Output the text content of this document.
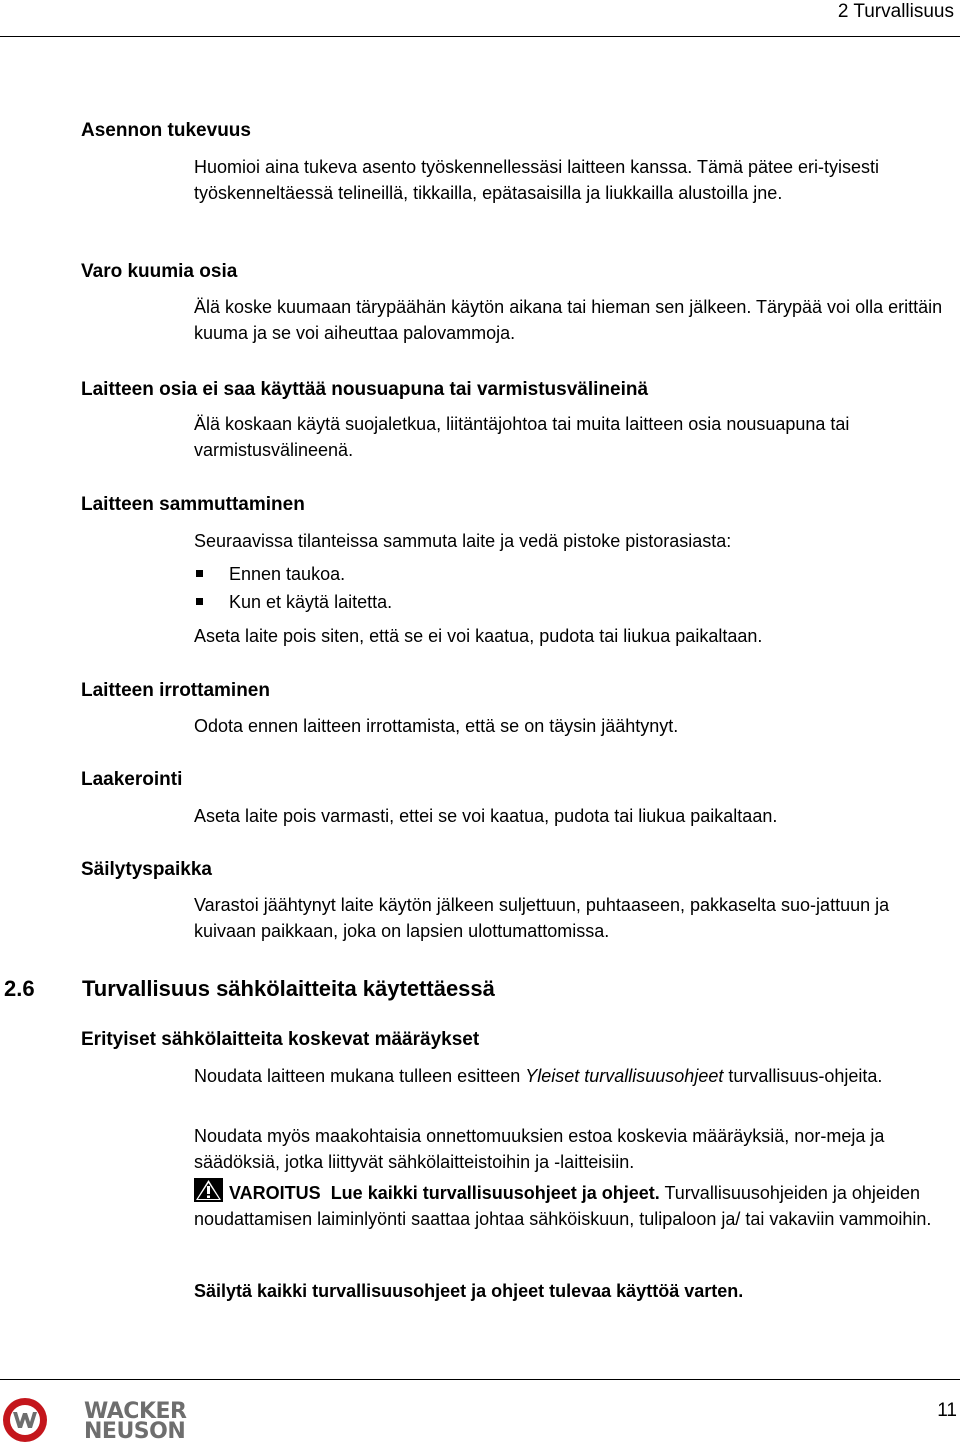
2 Turvallisuus
Asennon tukevuus

Huomioi aina tukeva asento työskennellessäsi laitteen kanssa. Tämä pätee eri-tyisesti työskenneltäessä telineillä, tikkailla, epätasaisilla ja liukkailla alustoilla jne.

Varo kuumia osia

Älä koske kuumaan tärypäähän käytön aikana tai hieman sen jälkeen. Tärypää voi olla erittäin kuuma ja se voi aiheuttaa palovammoja.

Laitteen osia ei saa käyttää nousuapuna tai varmistusvälineinä

Älä koskaan käytä suojaletkua, liitäntäjohtoa tai muita laitteen osia nousuapuna tai varmistusvälineenä.

Laitteen sammuttaminen

Seuraavissa tilanteissa sammuta laite ja vedä pistoke pistorasiasta:

Ennen taukoa.
Kun et käytä laitetta.

Aseta laite pois siten, että se ei voi kaatua, pudota tai liukua paikaltaan.

Laitteen irrottaminen

Odota ennen laitteen irrottamista, että se on täysin jäähtynyt.

Laakerointi

Aseta laite pois varmasti, ettei se voi kaatua, pudota tai liukua paikaltaan.

Säilytyspaikka

Varastoi jäähtynyt laite käytön jälkeen suljettuun, puhtaaseen, pakkaselta suo-jattuun ja kuivaan paikkaan, joka on lapsien ulottumattomissa.

2.6 Turvallisuus sähkölaitteita käytettäessä
Erityiset sähkölaitteita koskevat määräykset

Noudata laitteen mukana tulleen esitteen Yleiset turvallisuusohjeet turvallisuus-ohjeita.

Noudata myös maakohtaisia onnettomuuksien estoa koskevia määräyksiä, nor-meja ja säädöksiä, jotka liittyvät sähkölaitteistoihin ja -laitteisiin.

VAROITUS Lue kaikki turvallisuusohjeet ja ohjeet. Turvallisuusohjeiden ja ohjeiden noudattamisen laiminlyönti saattaa johtaa sähköiskuun, tulipaloon ja/ tai vakaviin vammoihin.

Säilytä kaikki turvallisuusohjeet ja ohjeet tulevaa käyttöä varten.

WACKER
NEUSON
11
